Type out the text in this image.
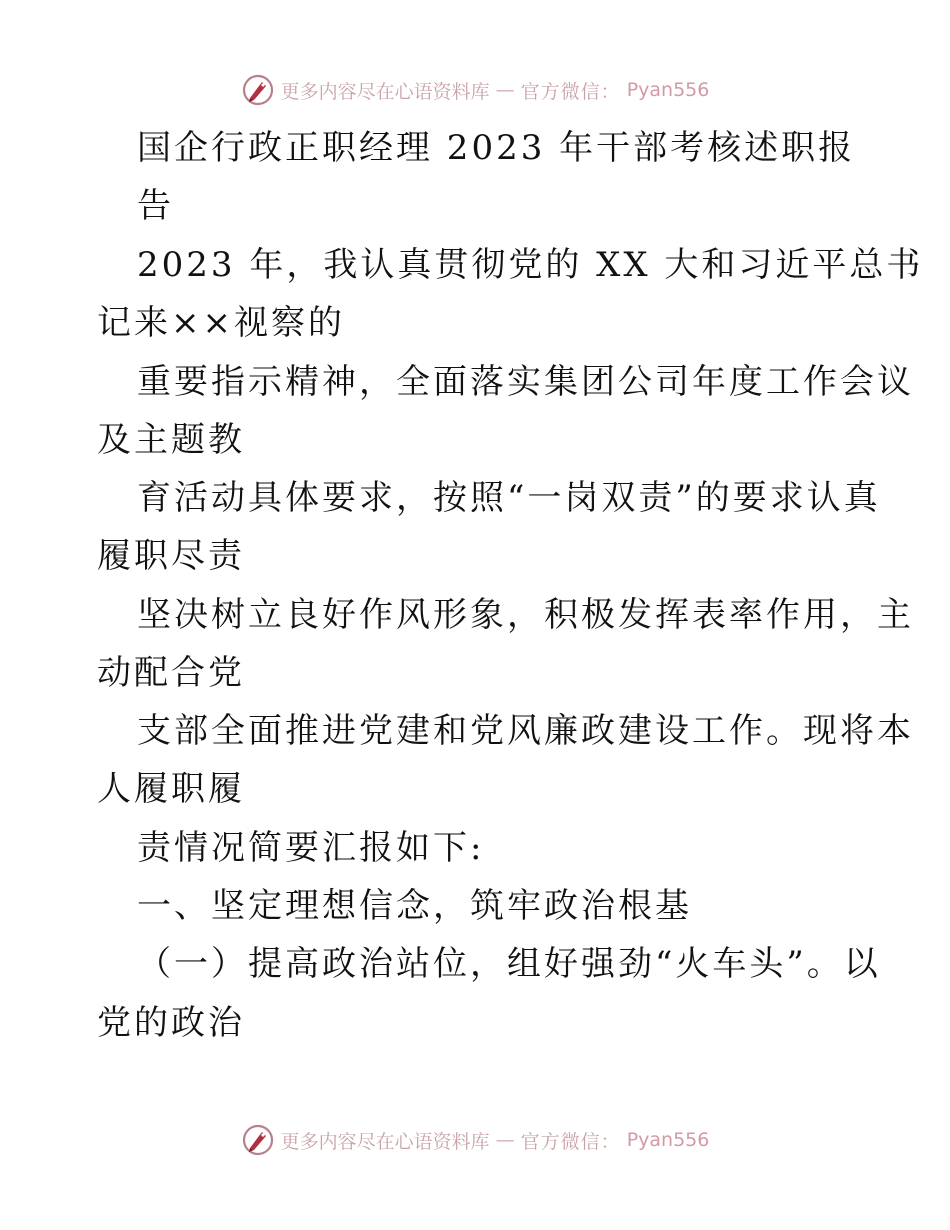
更多内容尽在心语资料库 — 官方微信： Pyan556
国企行政正职经理 2023 年干部考核述职报
告
2023 年，我认真贯彻党的 XX 大和习近平总书
记来××视察的
重要指示精神，全面落实集团公司年度工作会议
及主题教
育活动具体要求，按照“一岗双责”的要求认真
履职尽责
坚决树立良好作风形象，积极发挥表率作用，主
动配合党
支部全面推进党建和党风廉政建设工作。现将本
人履职履
责情况简要汇报如下:
一、坚定理想信念，筑牢政治根基
（一）提高政治站位，组好强劲“火车头”。以
党的政治
更多内容尽在心语资料库 — 官方微信： Pyan556
